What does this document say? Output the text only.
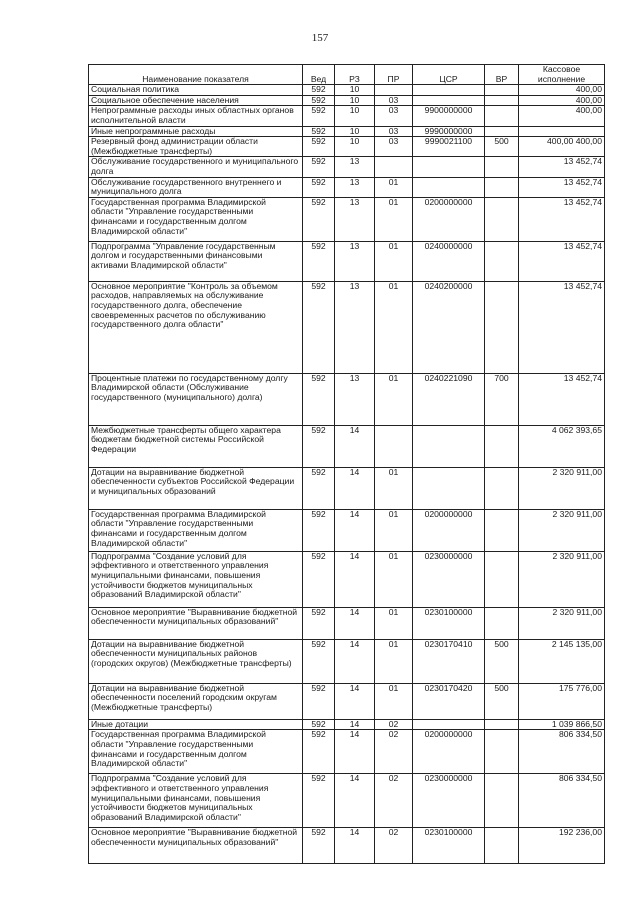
157
Наименование показателя	Вед	РЗ	ПР	ЦСР	ВР	Кассовое исполнение
Социальная политика	592	10				400,00
Социальное обеспечение населения	592	10	03			400,00
Непрограммные расходы иных областных органов исполнительной власти	592	10	03	9900000000		400,00
Иные непрограммные расходы	592	10	03	9990000000		
Резервный фонд администрации области (Межбюджетные трансферты)	592	10	03	9990021100	500	400,00 400,00
Обслуживание государственного и муниципального долга	592	13				13 452,74
Обслуживание государственного внутреннего и муниципального долга	592	13	01			13 452,74
Государственная программа Владимирской области "Управление государственными финансами и государственным долгом Владимирской области"	592	13	01	0200000000		13 452,74
Подпрограмма "Управление государственным долгом и государственными финансовыми активами Владимирской области"	592	13	01	0240000000		13 452,74
Основное мероприятие "Контроль за объемом расходов, направляемых на обслуживание государственного долга, обеспечение своевременных расчетов по обслуживанию государственного долга области"	592	13	01	0240200000		13 452,74
Процентные платежи по государственному долгу Владимирской области (Обслуживание государственного (муниципального) долга)	592	13	01	0240221090	700	13 452,74
Межбюджетные трансферты общего характера бюджетам бюджетной системы Российской Федерации	592	14				4 062 393,65
Дотации на выравнивание бюджетной обеспеченности субъектов Российской Федерации и муниципальных образований	592	14	01			2 320 911,00
Государственная программа Владимирской области "Управление государственными финансами и государственным долгом Владимирской области"	592	14	01	0200000000		2 320 911,00
Подпрограмма "Создание условий для эффективного и ответственного управления муниципальными финансами, повышения устойчивости бюджетов муниципальных образований Владимирской области"	592	14	01	0230000000		2 320 911,00
Основное мероприятие "Выравнивание бюджетной обеспеченности муниципальных образований"	592	14	01	0230100000		2 320 911,00
Дотации на выравнивание бюджетной обеспеченности муниципальных районов (городских округов) (Межбюджетные трансферты)	592	14	01	0230170410	500	2 145 135,00
Дотации на выравнивание бюджетной обеспеченности поселений городским округам (Межбюджетные трансферты)	592	14	01	0230170420	500	175 776,00
Иные дотации	592	14	02			1 039 866,50
Государственная программа Владимирской области "Управление государственными финансами и государственным долгом Владимирской области"	592	14	02	0200000000		806 334,50
Подпрограмма "Создание условий для эффективного и ответственного управления муниципальными финансами, повышения устойчивости бюджетов муниципальных образований Владимирской области"	592	14	02	0230000000		806 334,50
Основное мероприятие "Выравнивание бюджетной обеспеченности муниципальных образований"	592	14	02	0230100000		192 236,00
